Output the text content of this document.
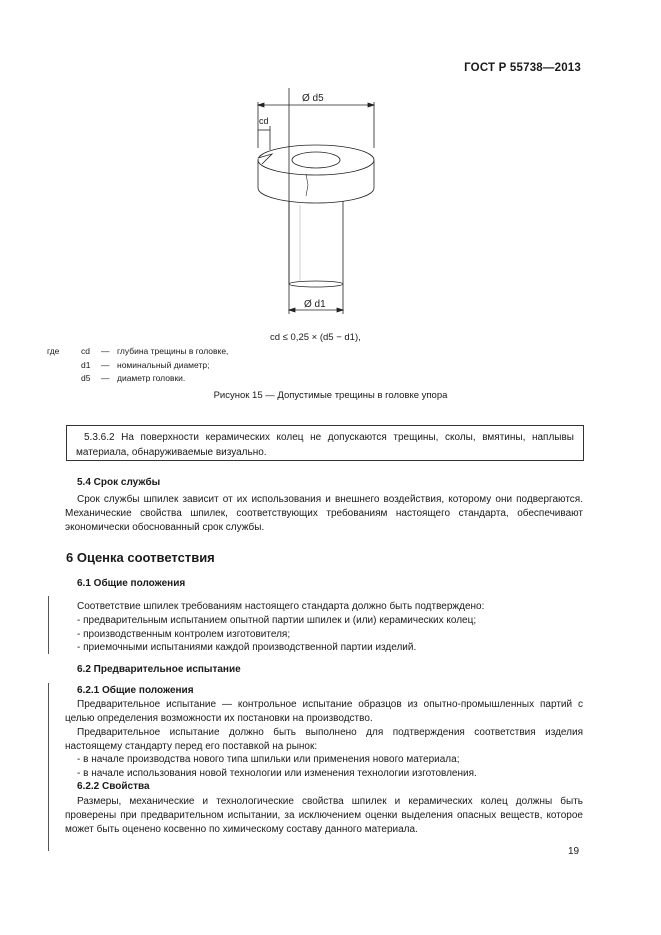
ГОСТ Р 55738—2013
Ø d5
cd
Ø d1
cd ≤ 0,25 × (d5 − d1),
где	cd	— глубина трещины в головке,
d1	— номинальный диаметр;
d5	— диаметр головки.
Рисунок 15 — Допустимые трещины в головке упора
5.3.6.2 На поверхности керамических колец не допускаются трещины, сколы, вмятины, наплывы материала, обнаруживаемые визуально.
5.4 Срок службы
Срок службы шпилек зависит от их использования и внешнего воздействия, которому они подвергаются. Механические свойства шпилек, соответствующих требованиям настоящего стандарта, обеспечивают экономически обоснованный срок службы.
6 Оценка соответствия
6.1 Общие положения
Соответствие шпилек требованиям настоящего стандарта должно быть подтверждено:
- предварительным испытанием опытной партии шпилек и (или) керамических колец;
- производственным контролем изготовителя;
- приемочными испытаниями каждой производственной партии изделий.
6.2 Предварительное испытание
6.2.1 Общие положения
Предварительное испытание — контрольное испытание образцов из опытно-промышленных партий с целью определения возможности их постановки на производство.
Предварительное испытание должно быть выполнено для подтверждения соответствия изделия настоящему стандарту перед его поставкой на рынок:
- в начале производства нового типа шпильки или применения нового материала;
- в начале использования новой технологии или изменения технологии изготовления.
6.2.2 Свойства
Размеры, механические и технологические свойства шпилек и керамических колец должны быть проверены при предварительном испытании, за исключением оценки выделения опасных веществ, которое может быть оценено косвенно по химическому составу данного материала.
19
